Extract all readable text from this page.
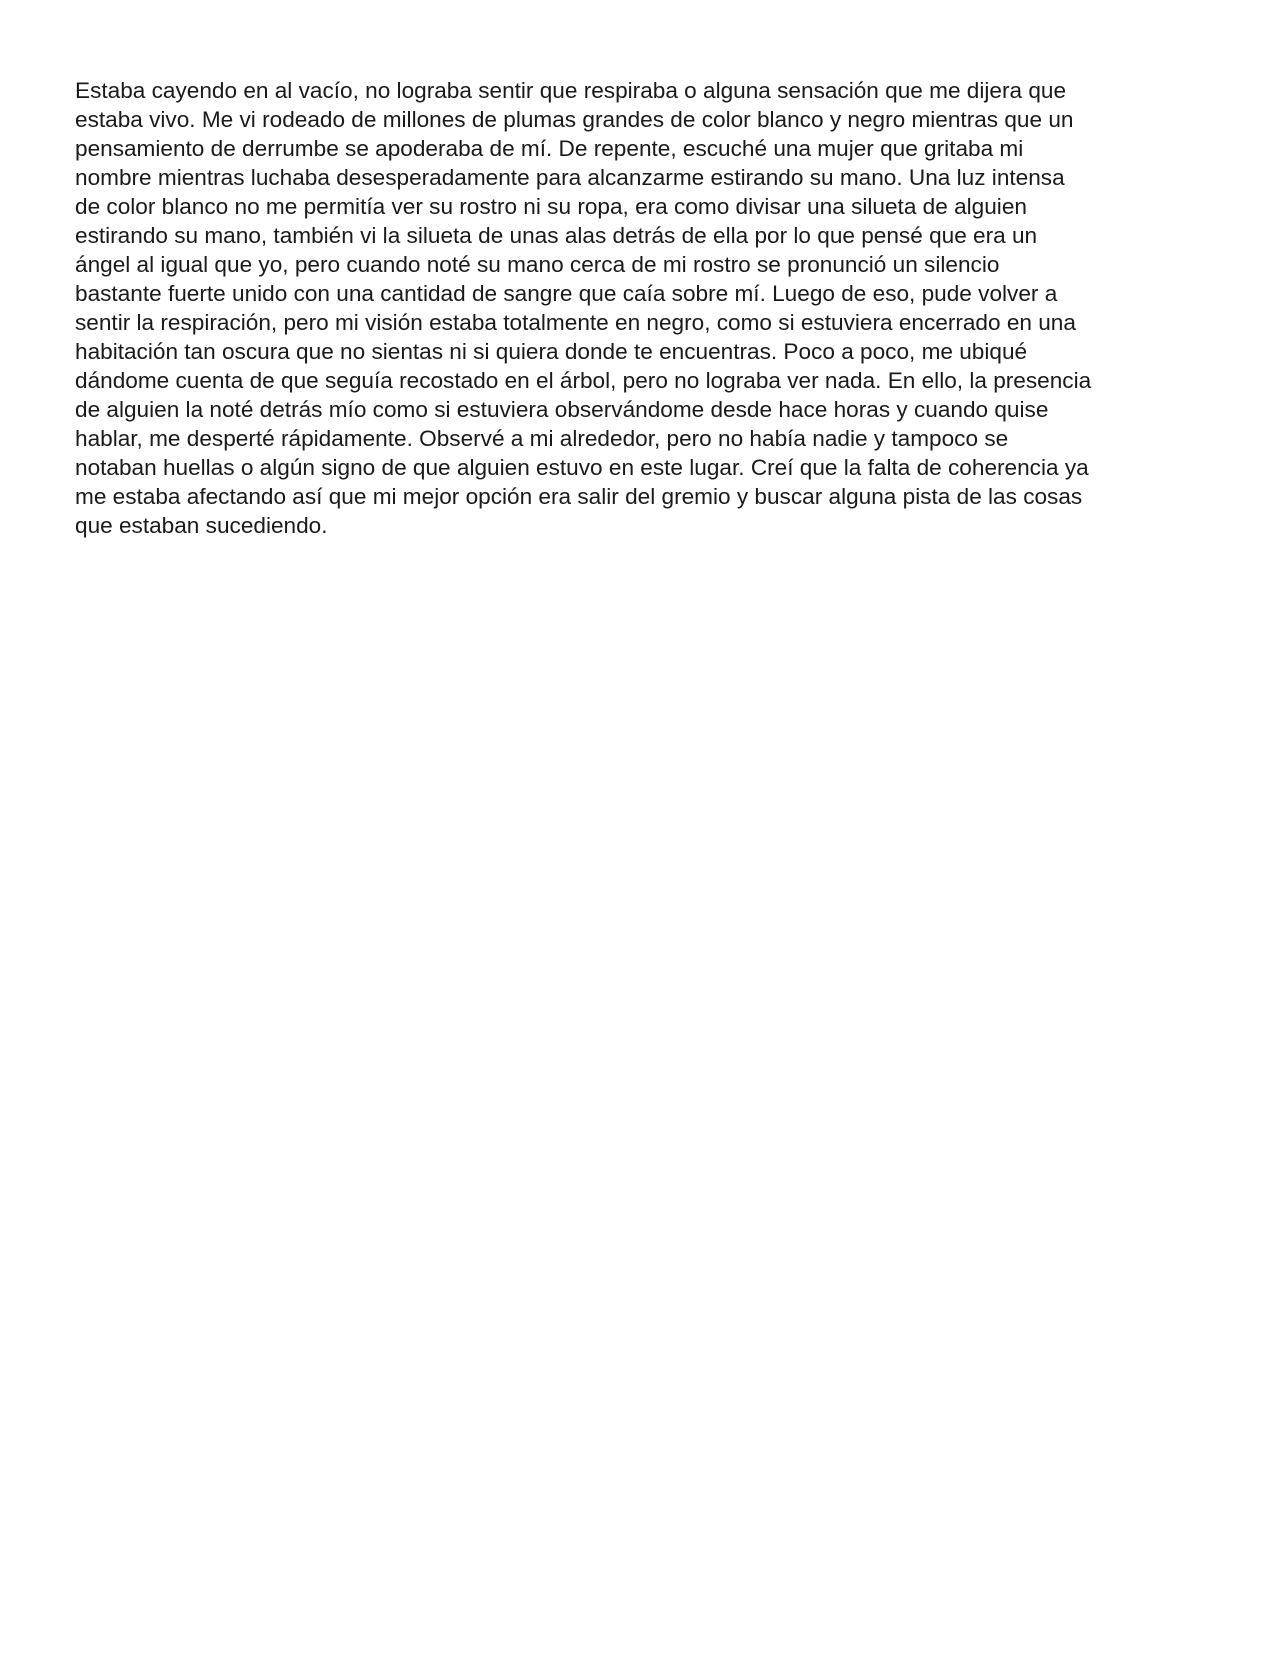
Estaba cayendo en al vacío, no lograba sentir que respiraba o alguna sensación que me dijera que
estaba vivo. Me vi rodeado de millones de plumas grandes de color blanco y negro mientras que un
pensamiento de derrumbe se apoderaba de mí. De repente, escuché una mujer que gritaba mi
nombre mientras luchaba desesperadamente para alcanzarme estirando su mano. Una luz intensa
de color blanco no me permitía ver su rostro ni su ropa, era como divisar una silueta de alguien
estirando su mano, también vi la silueta de unas alas detrás de ella por lo que pensé que era un
ángel al igual que yo, pero cuando noté su mano cerca de mi rostro se pronunció un silencio
bastante fuerte unido con una cantidad de sangre que caía sobre mí. Luego de eso, pude volver a
sentir la respiración, pero mi visión estaba totalmente en negro, como si estuviera encerrado en una
habitación tan oscura que no sientas ni si quiera donde te encuentras. Poco a poco, me ubiqué
dándome cuenta de que seguía recostado en el árbol, pero no lograba ver nada. En ello, la presencia
de alguien la noté detrás mío como si estuviera observándome desde hace horas y cuando quise
hablar, me desperté rápidamente. Observé a mi alrededor, pero no había nadie y tampoco se
notaban huellas o algún signo de que alguien estuvo en este lugar. Creí que la falta de coherencia ya
me estaba afectando así que mi mejor opción era salir del gremio y buscar alguna pista de las cosas
que estaban sucediendo.
